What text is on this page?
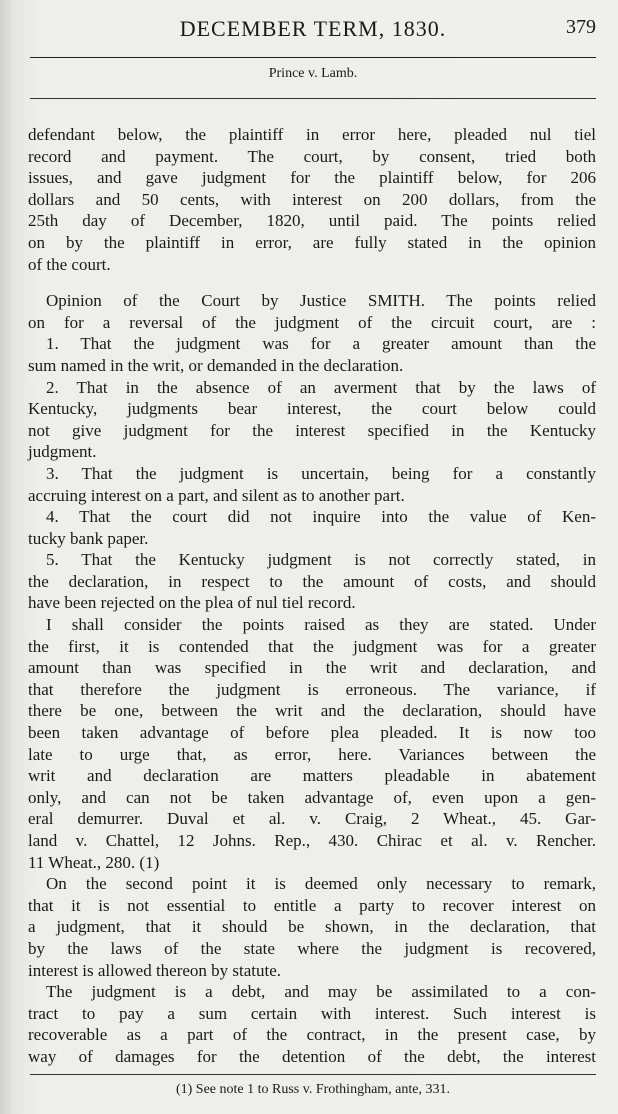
DECEMBER TERM, 1830.	379
Prince v. Lamb.
defendant below, the plaintiff in error here, pleaded nul tiel
record and payment. The court, by consent, tried both
issues, and gave judgment for the plaintiff below, for 206
dollars and 50 cents, with interest on 200 dollars, from the
25th day of December, 1820, until paid. The points relied
on by the plaintiff in error, are fully stated in the opinion
of the court.
Opinion of the Court by Justice SMITH. The points relied
on for a reversal of the judgment of the circuit court, are :
1. That the judgment was for a greater amount than the
sum named in the writ, or demanded in the declaration.
2. That in the absence of an averment that by the laws of
Kentucky, judgments bear interest, the court below could
not give judgment for the interest specified in the Kentucky
judgment.
3. That the judgment is uncertain, being for a constantly
accruing interest on a part, and silent as to another part.
4. That the court did not inquire into the value of Ken-
tucky bank paper.
5. That the Kentucky judgment is not correctly stated, in
the declaration, in respect to the amount of costs, and should
have been rejected on the plea of nul tiel record.
I shall consider the points raised as they are stated. Under
the first, it is contended that the judgment was for a greater
amount than was specified in the writ and declaration, and
that therefore the judgment is erroneous. The variance, if
there be one, between the writ and the declaration, should have
been taken advantage of before plea pleaded. It is now too
late to urge that, as error, here. Variances between the
writ and declaration are matters pleadable in abatement
only, and can not be taken advantage of, even upon a gen-
eral demurrer. Duval et al. v. Craig, 2 Wheat., 45. Gar-
land v. Chattel, 12 Johns. Rep., 430. Chirac et al. v. Rencher.
11 Wheat., 280. (1)
On the second point it is deemed only necessary to remark,
that it is not essential to entitle a party to recover interest on
a judgment, that it should be shown, in the declaration, that
by the laws of the state where the judgment is recovered,
interest is allowed thereon by statute.
The judgment is a debt, and may be assimilated to a con-
tract to pay a sum certain with interest. Such interest is
recoverable as a part of the contract, in the present case, by
way of damages for the detention of the debt, the interest
(1) See note 1 to Russ v. Frothingham, ante, 331.
